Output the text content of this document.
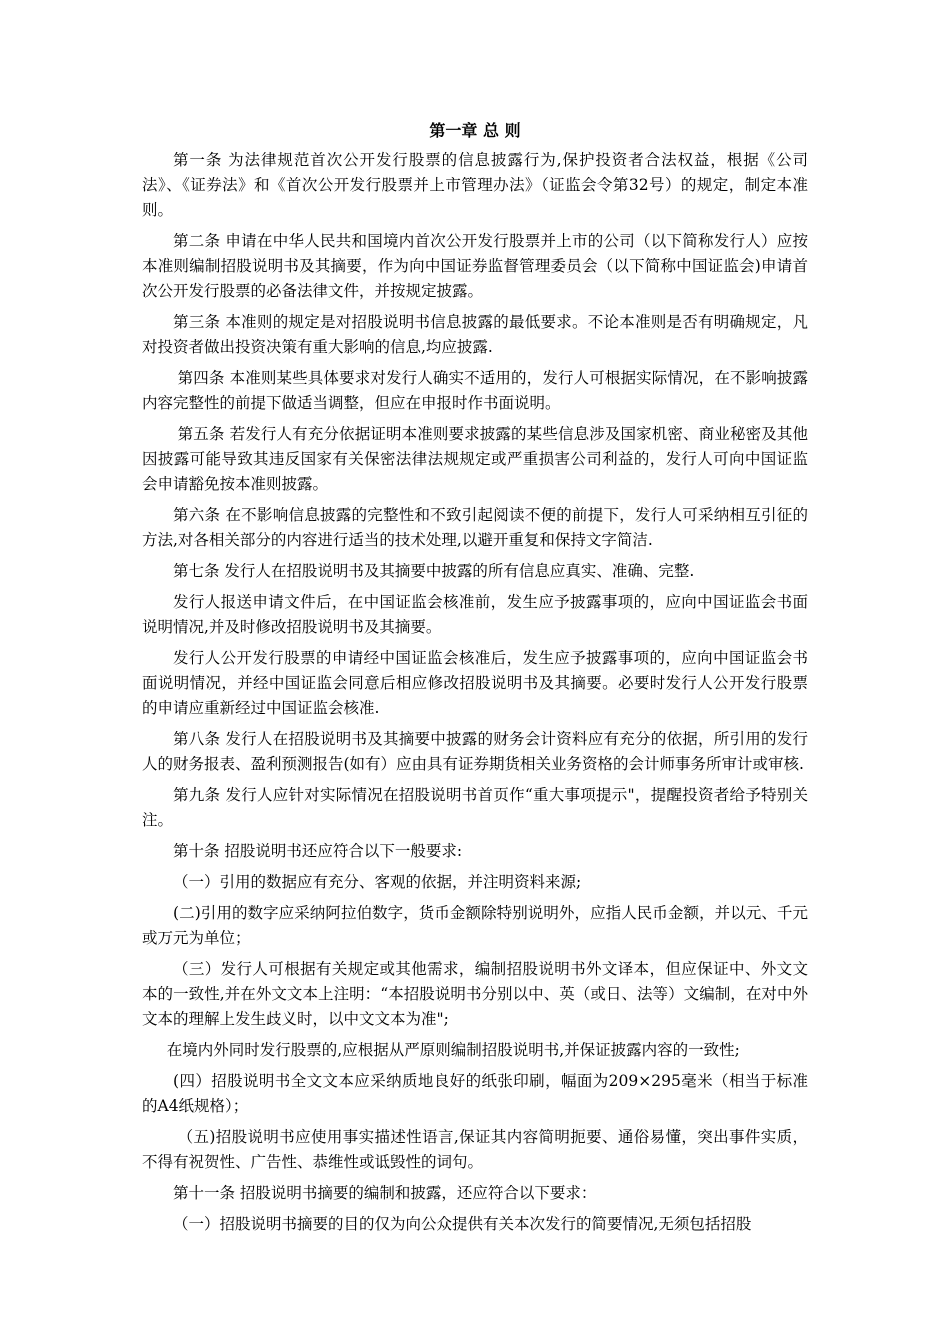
第一章 总 则

第一条 为法律规范首次公开发行股票的信息披露行为,保护投资者合法权益，根据《公司法》、《证券法》和《首次公开发行股票并上市管理办法》（证监会令第32号）的规定，制定本准则。

第二条 申请在中华人民共和国境内首次公开发行股票并上市的公司（以下简称发行人）应按本准则编制招股说明书及其摘要，作为向中国证券监督管理委员会（以下简称中国证监会)申请首次公开发行股票的必备法律文件，并按规定披露。

第三条 本准则的规定是对招股说明书信息披露的最低要求。不论本准则是否有明确规定，凡对投资者做出投资决策有重大影响的信息,均应披露.

第四条 本准则某些具体要求对发行人确实不适用的，发行人可根据实际情况，在不影响披露内容完整性的前提下做适当调整，但应在申报时作书面说明。

第五条 若发行人有充分依据证明本准则要求披露的某些信息涉及国家机密、商业秘密及其他因披露可能导致其违反国家有关保密法律法规规定或严重损害公司利益的，发行人可向中国证监会申请豁免按本准则披露。

第六条 在不影响信息披露的完整性和不致引起阅读不便的前提下，发行人可采纳相互引征的方法,对各相关部分的内容进行适当的技术处理,以避开重复和保持文字简洁.

第七条 发行人在招股说明书及其摘要中披露的所有信息应真实、准确、完整.

发行人报送申请文件后，在中国证监会核准前，发生应予披露事项的，应向中国证监会书面说明情况,并及时修改招股说明书及其摘要。

发行人公开发行股票的申请经中国证监会核准后，发生应予披露事项的，应向中国证监会书面说明情况，并经中国证监会同意后相应修改招股说明书及其摘要。必要时发行人公开发行股票的申请应重新经过中国证监会核准.

第八条 发行人在招股说明书及其摘要中披露的财务会计资料应有充分的依据，所引用的发行人的财务报表、盈利预测报告(如有）应由具有证券期货相关业务资格的会计师事务所审计或审核.

第九条 发行人应针对实际情况在招股说明书首页作“重大事项提示"，提醒投资者给予特别关注。

第十条 招股说明书还应符合以下一般要求:

（一）引用的数据应有充分、客观的依据，并注明资料来源;

(二)引用的数字应采纳阿拉伯数字，货币金额除特别说明外，应指人民币金额，并以元、千元或万元为单位；

（三）发行人可根据有关规定或其他需求，编制招股说明书外文译本，但应保证中、外文文本的一致性,并在外文文本上注明：“本招股说明书分别以中、英（或日、法等）文编制，在对中外文本的理解上发生歧义时，以中文文本为准";

在境内外同时发行股票的,应根据从严原则编制招股说明书,并保证披露内容的一致性;

(四）招股说明书全文文本应采纳质地良好的纸张印刷，幅面为209×295毫米（相当于标准的A4纸规格）；

（五)招股说明书应使用事实描述性语言,保证其内容简明扼要、通俗易懂，突出事件实质，不得有祝贺性、广告性、恭维性或诋毁性的词句。

第十一条 招股说明书摘要的编制和披露，还应符合以下要求：

（一）招股说明书摘要的目的仅为向公众提供有关本次发行的简要情况,无须包括招股
